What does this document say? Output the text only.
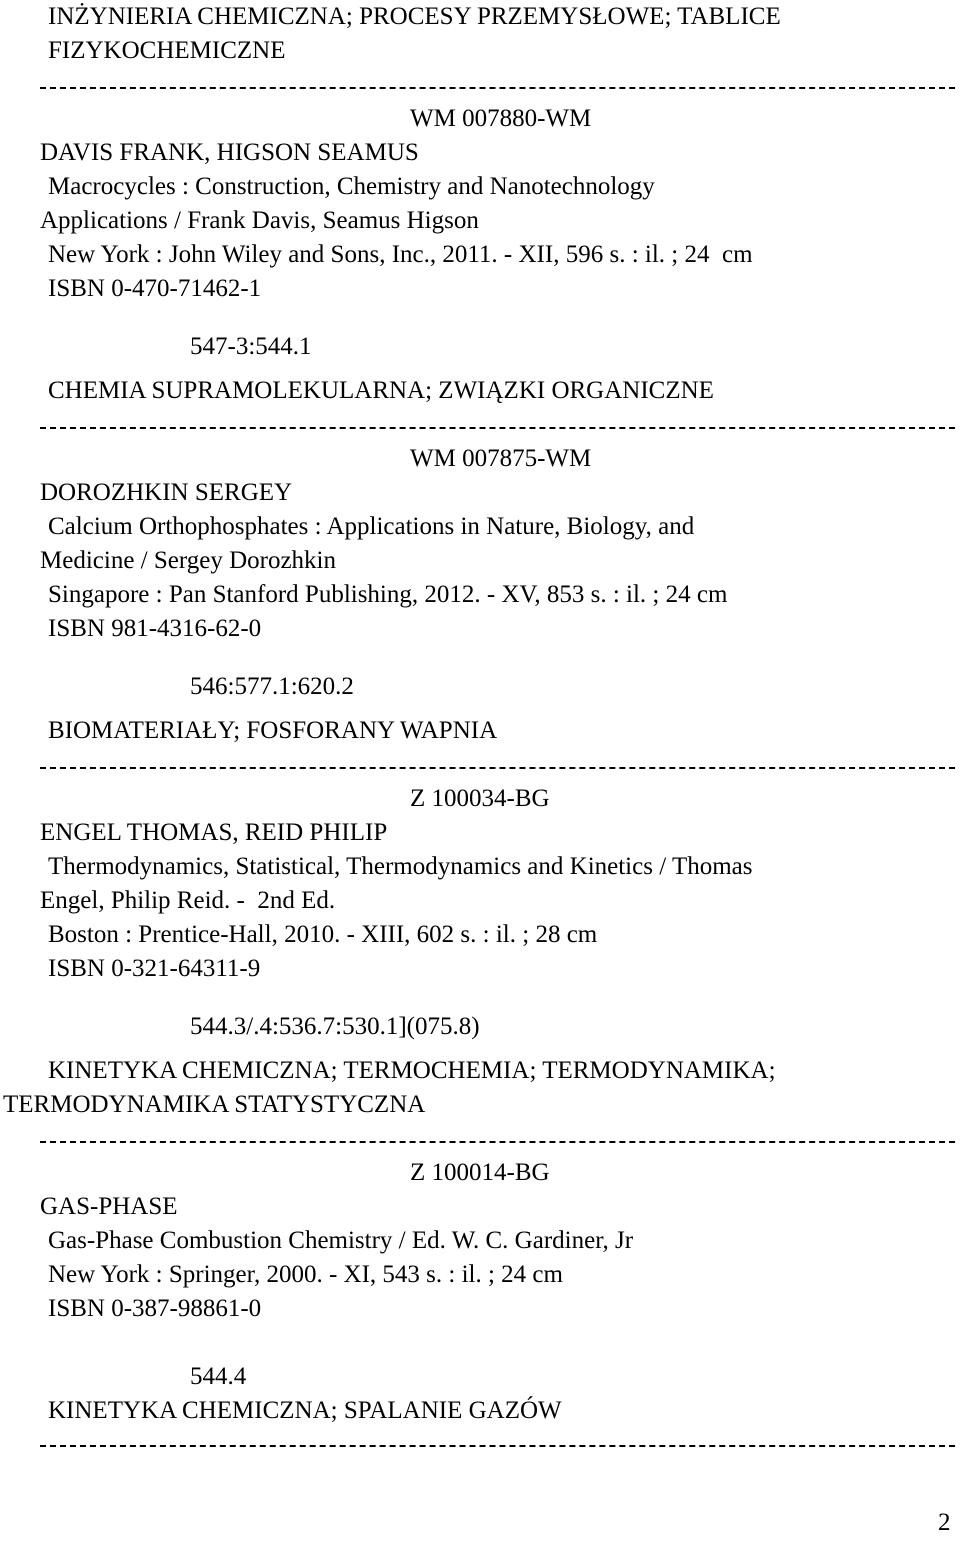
INŻYNIERIA CHEMICZNA; PROCESY PRZEMYSŁOWE; TABLICE
FIZYKOCHEMICZNE
WM 007880-WM
DAVIS FRANK, HIGSON SEAMUS
Macrocycles : Construction, Chemistry and Nanotechnology
Applications / Frank Davis, Seamus Higson
New York : John Wiley and Sons, Inc., 2011. - XII, 596 s. : il. ; 24  cm
ISBN 0-470-71462-1
547-3:544.1
CHEMIA SUPRAMOLEKULARNA; ZWIĄZKI ORGANICZNE
WM 007875-WM
DOROZHKIN SERGEY
Calcium Orthophosphates : Applications in Nature, Biology, and
Medicine / Sergey Dorozhkin
Singapore : Pan Stanford Publishing, 2012. - XV, 853 s. : il. ; 24 cm
ISBN 981-4316-62-0
546:577.1:620.2
BIOMATERIAŁY; FOSFORANY WAPNIA
Z 100034-BG
ENGEL THOMAS, REID PHILIP
Thermodynamics, Statistical, Thermodynamics and Kinetics / Thomas
Engel, Philip Reid. -  2nd Ed.
Boston : Prentice-Hall, 2010. - XIII, 602 s. : il. ; 28 cm
ISBN 0-321-64311-9
544.3/.4:536.7:530.1](075.8)
KINETYKA CHEMICZNA; TERMOCHEMIA; TERMODYNAMIKA;
TERMODYNAMIKA STATYSTYCZNA
Z 100014-BG
GAS-PHASE
Gas-Phase Combustion Chemistry / Ed. W. C. Gardiner, Jr
New York : Springer, 2000. - XI, 543 s. : il. ; 24 cm
ISBN 0-387-98861-0
544.4
KINETYKA CHEMICZNA; SPALANIE GAZÓW
2
